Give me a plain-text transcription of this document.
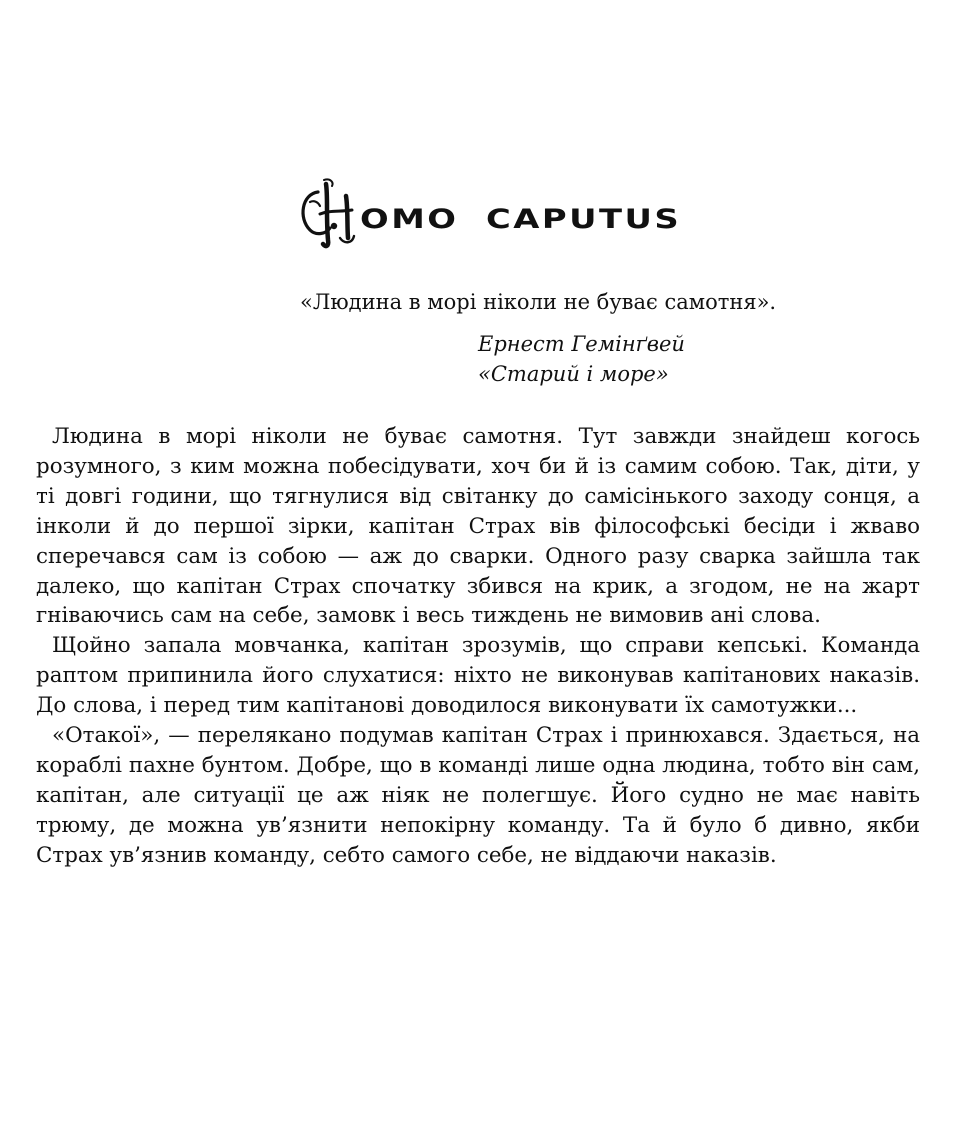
OMO CAPUTUS
«Людина в морі ніколи не буває самотня».
Ернест Гемінґвей
«Старий і море»

Людина в морі ніколи не буває самотня. Тут завжди знайдеш когось розумного, з ким можна побесідувати, хоч би й із самим собою. Так, діти, у ті довгі години, що тягнулися від світанку до самісінького заходу сонця, а інколи й до першої зірки, капітан Страх вів філософські бесіди і жваво сперечався сам із собою — аж до сварки. Одного разу сварка зайшла так далеко, що капітан Страх спочатку збився на крик, а згодом, не на жарт гніваючись сам на себе, замовк і весь тиждень не вимовив ані слова.

Щойно запала мовчанка, капітан зрозумів, що справи кепські. Команда раптом припинила його слухатися: ніхто не виконував капітанових наказів. До слова, і перед тим капітанові доводилося виконувати їх самотужки...

«Отакої», — перелякано подумав капітан Страх і принюхався. Здається, на кораблі пахне бунтом. Добре, що в команді лише одна людина, тобто він сам, капітан, але ситуації це аж ніяк не полегшує. Його судно не має навіть трюму, де можна ув’язнити непокірну команду. Та й було б дивно, якби Страх ув’язнив команду, себто самого себе, не віддаючи наказів.
